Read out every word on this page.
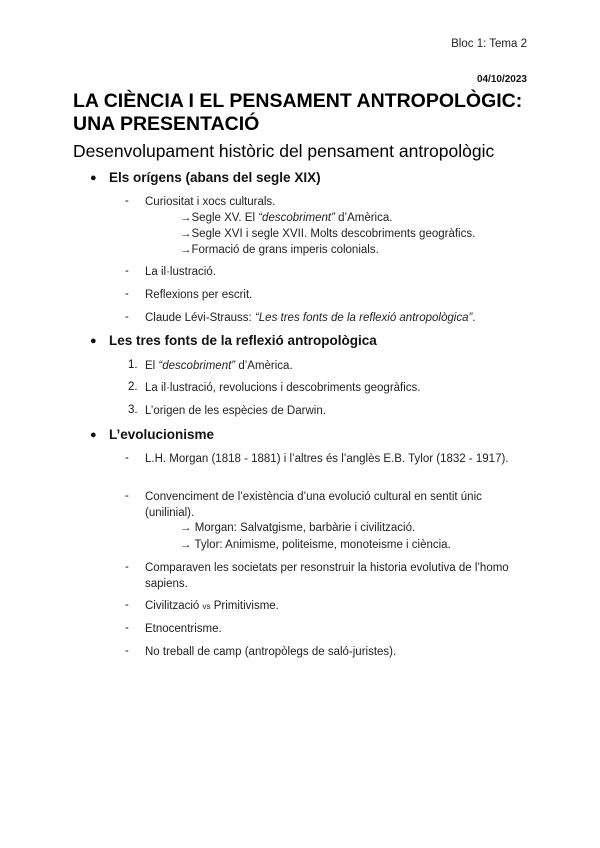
Bloc 1: Tema 2
04/10/2023
LA CIÈNCIA I EL PENSAMENT ANTROPOLÒGIC: UNA PRESENTACIÓ
Desenvolupament històric del pensament antropològic
● Els orígens (abans del segle XIX)
- Curiositat i xocs culturals.
→Segle XV. El “descobriment” d’Amèrica.
→Segle XVI i segle XVII. Molts descobriments geogràfics.
→Formació de grans imperis colonials.
- La il·lustració.
- Reflexions per escrit.
- Claude Lévi-Strauss: “Les tres fonts de la reflexió antropològica”.
● Les tres fonts de la reflexió antropològica
1. El “descobriment” d’Amèrica.
2. La il·lustració, revolucions i descobriments geogràfics.
3. L’origen de les espècies de Darwin.
● L’evolucionisme
- L.H. Morgan (1818 - 1881) i l’altres és l’anglès E.B. Tylor (1832 - 1917).
- Convenciment de l’existència d’una evolució cultural en sentit únic (unilinial).
→ Morgan: Salvatgisme, barbàrie i civilització.
→ Tylor: Animisme, politeisme, monoteisme i ciència.
- Comparaven les societats per resonstruir la historia evolutiva de l’homo sapiens.
- Civilització vs Primitivisme.
- Etnocentrisme.
- No treball de camp (antropòlegs de saló-juristes).
